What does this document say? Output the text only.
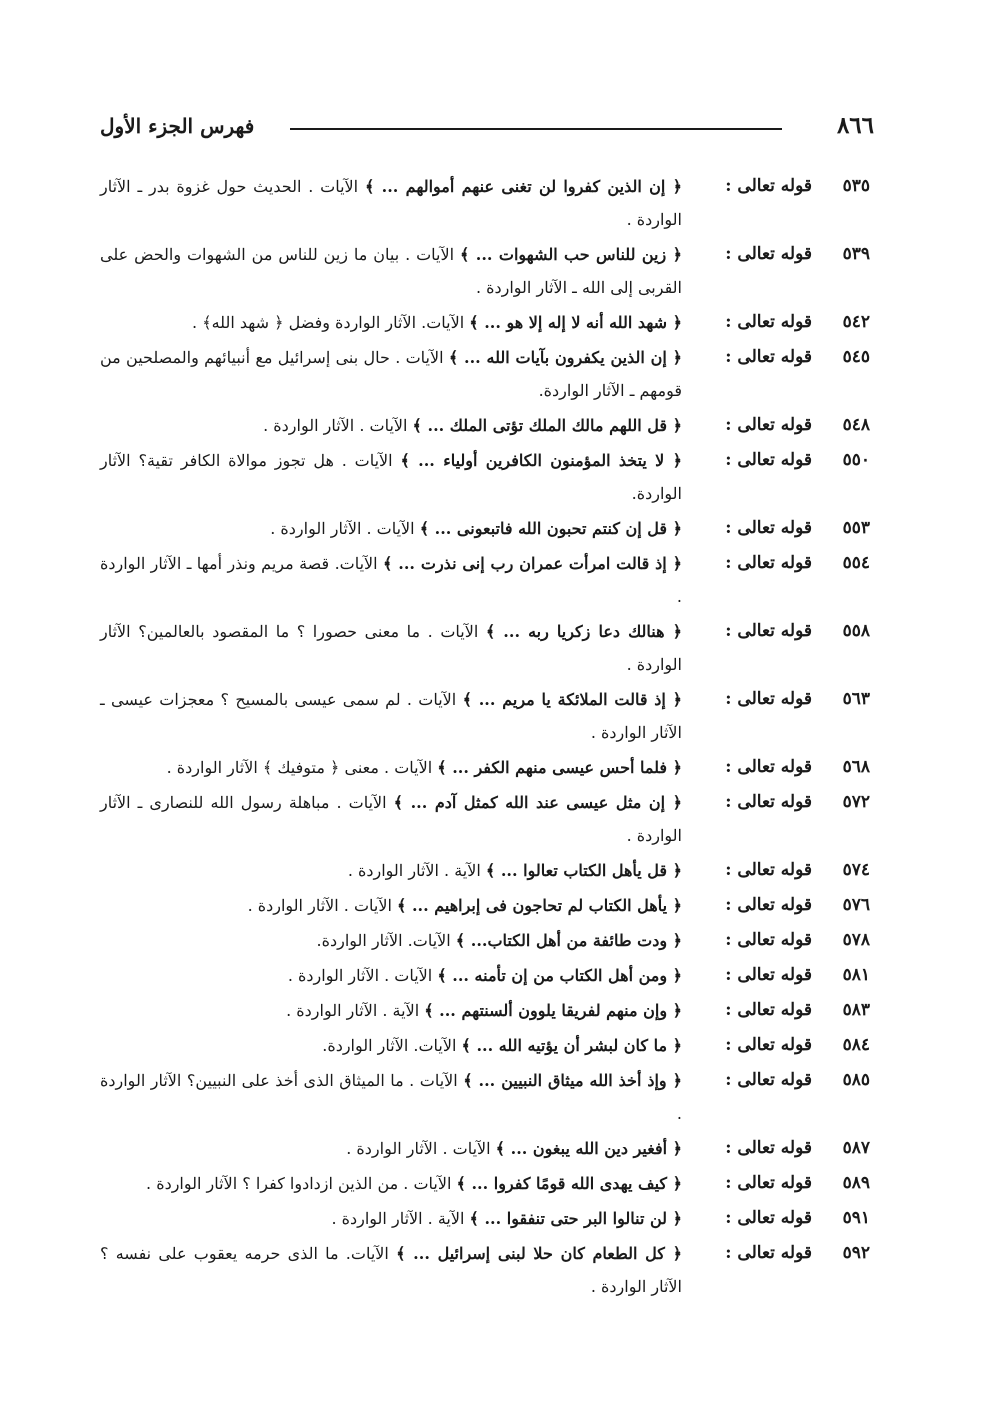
٨٦٦
فهرس الجزء الأول
٥٣٥
قوله تعالى :
﴿ إن الذين كفروا لن تغنى عنهم أموالهم ... ﴾ الآيات . الحديث حول غزوة بدر ـ الآثار الواردة .
٥٣٩
قوله تعالى :
﴿ زين للناس حب الشهوات ... ﴾ الآيات . بيان ما زين للناس من الشهوات والحض على القربى إلى الله ـ الآثار الواردة .
٥٤٢
قوله تعالى :
﴿ شهد الله أنه لا إله إلا هو ... ﴾ الآيات. الآثار الواردة وفضل ﴿ شهد الله﴾ .
٥٤٥
قوله تعالى :
﴿ إن الذين يكفرون بآيات الله ... ﴾ الآيات . حال بنى إسرائيل مع أنبيائهم والمصلحين من قومهم ـ الآثار الواردة.
٥٤٨
قوله تعالى :
﴿ قل اللهم مالك الملك تؤتى الملك ... ﴾ الآيات . الآثار الواردة .
٥٥٠
قوله تعالى :
﴿ لا يتخذ المؤمنون الكافرين أولياء ... ﴾ الآيات . هل تجوز موالاة الكافر تقية؟ الآثار الواردة.
٥٥٣
قوله تعالى :
﴿ قل إن كنتم تحبون الله فاتبعونى ... ﴾ الآيات . الآثار الواردة .
٥٥٤
قوله تعالى :
﴿ إذ قالت امرأت عمران رب إنى نذرت ... ﴾ الآيات. قصة مريم ونذر أمها ـ الآثار الواردة .
٥٥٨
قوله تعالى :
﴿ هنالك دعا زكريا ربه ... ﴾ الآيات . ما معنى حصورا ؟ ما المقصود بالعالمين؟ الآثار الواردة .
٥٦٣
قوله تعالى :
﴿ إذ قالت الملائكة يا مريم ... ﴾ الآيات . لم سمى عيسى بالمسيح ؟ معجزات عيسى ـ الآثار الواردة .
٥٦٨
قوله تعالى :
﴿ فلما أحس عيسى منهم الكفر ... ﴾ الآيات . معنى ﴿ متوفيك ﴾ الآثار الواردة .
٥٧٢
قوله تعالى :
﴿ إن مثل عيسى عند الله كمثل آدم ... ﴾ الآيات . مباهلة رسول الله للنصارى ـ الآثار الواردة .
٥٧٤
قوله تعالى :
﴿ قل يأهل الكتاب تعالوا ... ﴾ الآية . الآثار الواردة .
٥٧٦
قوله تعالى :
﴿ يأهل الكتاب لم تحاجون فى إبراهيم ... ﴾ الآيات . الآثار الواردة .
٥٧٨
قوله تعالى :
﴿ ودت طائفة من أهل الكتاب... ﴾ الآيات. الآثار الواردة.
٥٨١
قوله تعالى :
﴿ ومن أهل الكتاب من إن تأمنه ... ﴾ الآيات . الآثار الواردة .
٥٨٣
قوله تعالى :
﴿ وإن منهم لفريقا يلوون ألسنتهم ... ﴾ الآية . الآثار الواردة .
٥٨٤
قوله تعالى :
﴿ ما كان لبشر أن يؤتيه الله ... ﴾ الآيات. الآثار الواردة.
٥٨٥
قوله تعالى :
﴿ وإذ أخذ الله ميثاق النبيين ... ﴾ الآيات . ما الميثاق الذى أخذ على النبيين؟ الآثار الواردة .
٥٨٧
قوله تعالى :
﴿ أفغير دين الله يبغون ... ﴾ الآيات . الآثار الواردة .
٥٨٩
قوله تعالى :
﴿ كيف يهدى الله قومًا كفروا ... ﴾ الآيات . من الذين ازدادوا كفرا ؟ الآثار الواردة .
٥٩١
قوله تعالى :
﴿ لن تنالوا البر حتى تنفقوا ... ﴾ الآية . الآثار الواردة .
٥٩٢
قوله تعالى :
﴿ كل الطعام كان حلا لبنى إسرائيل ... ﴾ الآيات. ما الذى حرمه يعقوب على نفسه ؟ الآثار الواردة .
